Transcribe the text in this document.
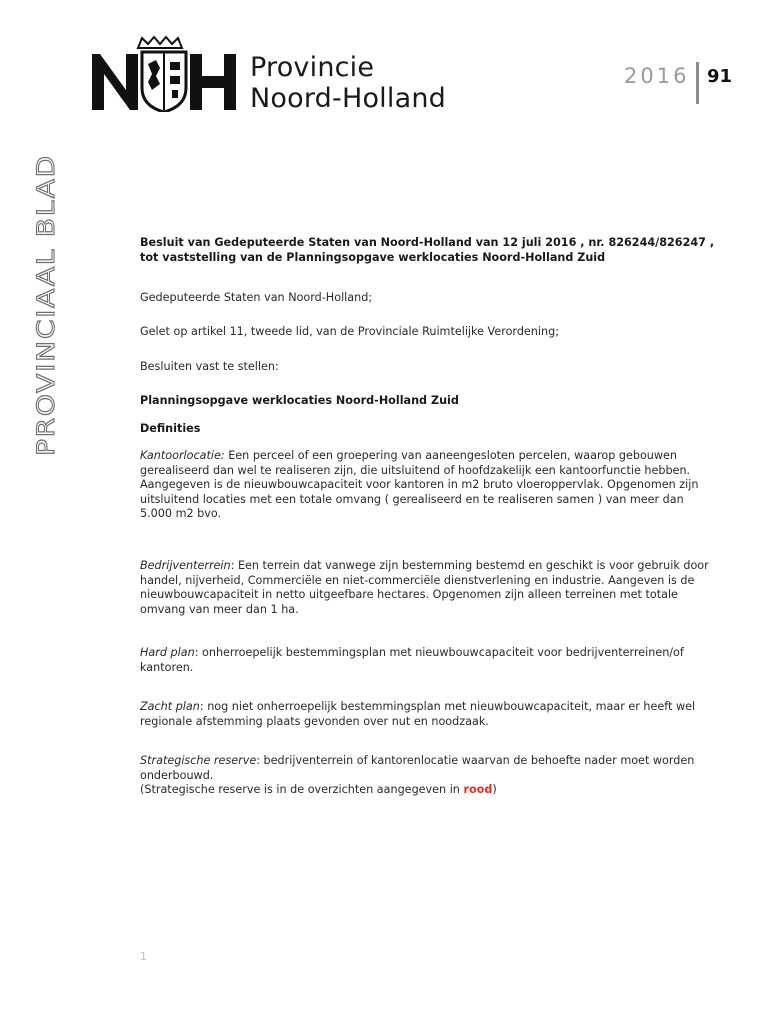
Provincie
Noord-Holland
2016 91
PROVINCIAAL BLAD	Besluit van Gedeputeerde Staten van Noord-Holland van 12 juli 2016 , nr. 826244/826247 , tot vaststelling van de Planningsopgave werklocaties Noord-Holland Zuid

Gedeputeerde Staten van Noord-Holland;

Gelet op artikel 11, tweede lid, van de Provinciale Ruimtelijke Verordening;

Besluiten vast te stellen:

Planningsopgave werklocaties Noord-Holland Zuid

Definities

Kantoorlocatie: Een perceel of een groepering van aaneengesloten percelen, waarop gebouwen gerealiseerd dan wel te realiseren zijn, die uitsluitend of hoofdzakelijk een kantoorfunctie hebben.

Aangegeven is de nieuwbouwcapaciteit voor kantoren in m2 bruto vloeroppervlak. Opgenomen zijn uitsluitend locaties met een totale omvang ( gerealiseerd en te realiseren samen ) van meer dan 5.000 m2 bvo.

Bedrijventerrein: Een terrein dat vanwege zijn bestemming bestemd en geschikt is voor gebruik door handel, nijverheid, Commerciële en niet-commerciële dienstverlening en industrie. Aangeven is de nieuwbouwcapaciteit in netto uitgeefbare hectares. Opgenomen zijn alleen terreinen met totale omvang van meer dan 1 ha.

Hard plan: onherroepelijk bestemmingsplan met nieuwbouwcapaciteit voor bedrijventerreinen/of kantoren.

Zacht plan: nog niet onherroepelijk bestemmingsplan met nieuwbouwcapaciteit, maar er heeft wel regionale afstemming plaats gevonden over nut en noodzaak.

Strategische reserve: bedrijventerrein of kantorenlocatie waarvan de behoefte nader moet worden onderbouwd.

(Strategische reserve is in de overzichten aangegeven in rood)

1
